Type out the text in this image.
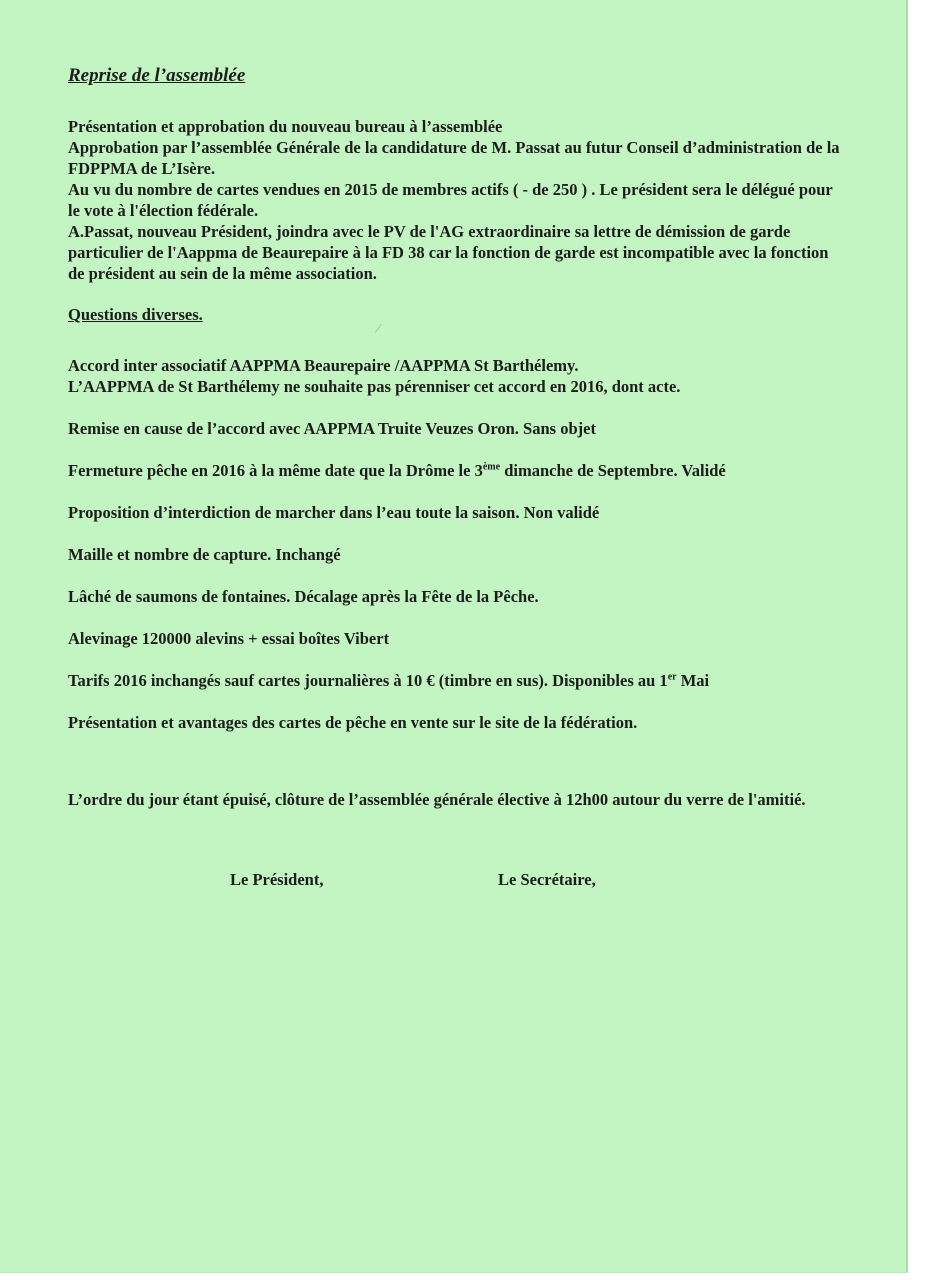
⁄
Reprise de l’assemblée
Présentation et approbation du nouveau bureau à l’assemblée
Approbation par l’assemblée Générale de la candidature de M. Passat au futur Conseil d’administration de la FDPPMA de L’Isère.
Au vu du nombre de cartes vendues en 2015 de membres actifs ( - de 250 ) . Le président sera le délégué pour le vote à l'élection fédérale.
A.Passat, nouveau Président, joindra avec le PV de l'AG extraordinaire sa lettre de démission de garde particulier de l'Aappma de Beaurepaire à la FD 38 car la fonction de garde est incompatible avec la fonction de président au sein de la même association.
Questions diverses.
Accord inter associatif AAPPMA Beaurepaire /AAPPMA St Barthélemy.
L’AAPPMA de St Barthélemy ne souhaite pas pérenniser cet accord en 2016, dont acte.
Remise en cause de l’accord avec AAPPMA Truite Veuzes Oron. Sans objet
Fermeture pêche en 2016 à la même date que la Drôme le 3ème dimanche de Septembre. Validé
Proposition d’interdiction de marcher dans l’eau toute la saison. Non validé
Maille et nombre de capture. Inchangé
Lâché de saumons de fontaines. Décalage après la Fête de la Pêche.
Alevinage 120000 alevins + essai boîtes Vibert
Tarifs 2016 inchangés sauf cartes journalières à 10 € (timbre en sus). Disponibles au 1er Mai
Présentation et avantages des cartes de pêche en vente sur le site de la fédération.
L’ordre du jour étant épuisé, clôture de l’assemblée générale élective à 12h00 autour du verre de l'amitié.
Le Président,	Le Secrétaire,
